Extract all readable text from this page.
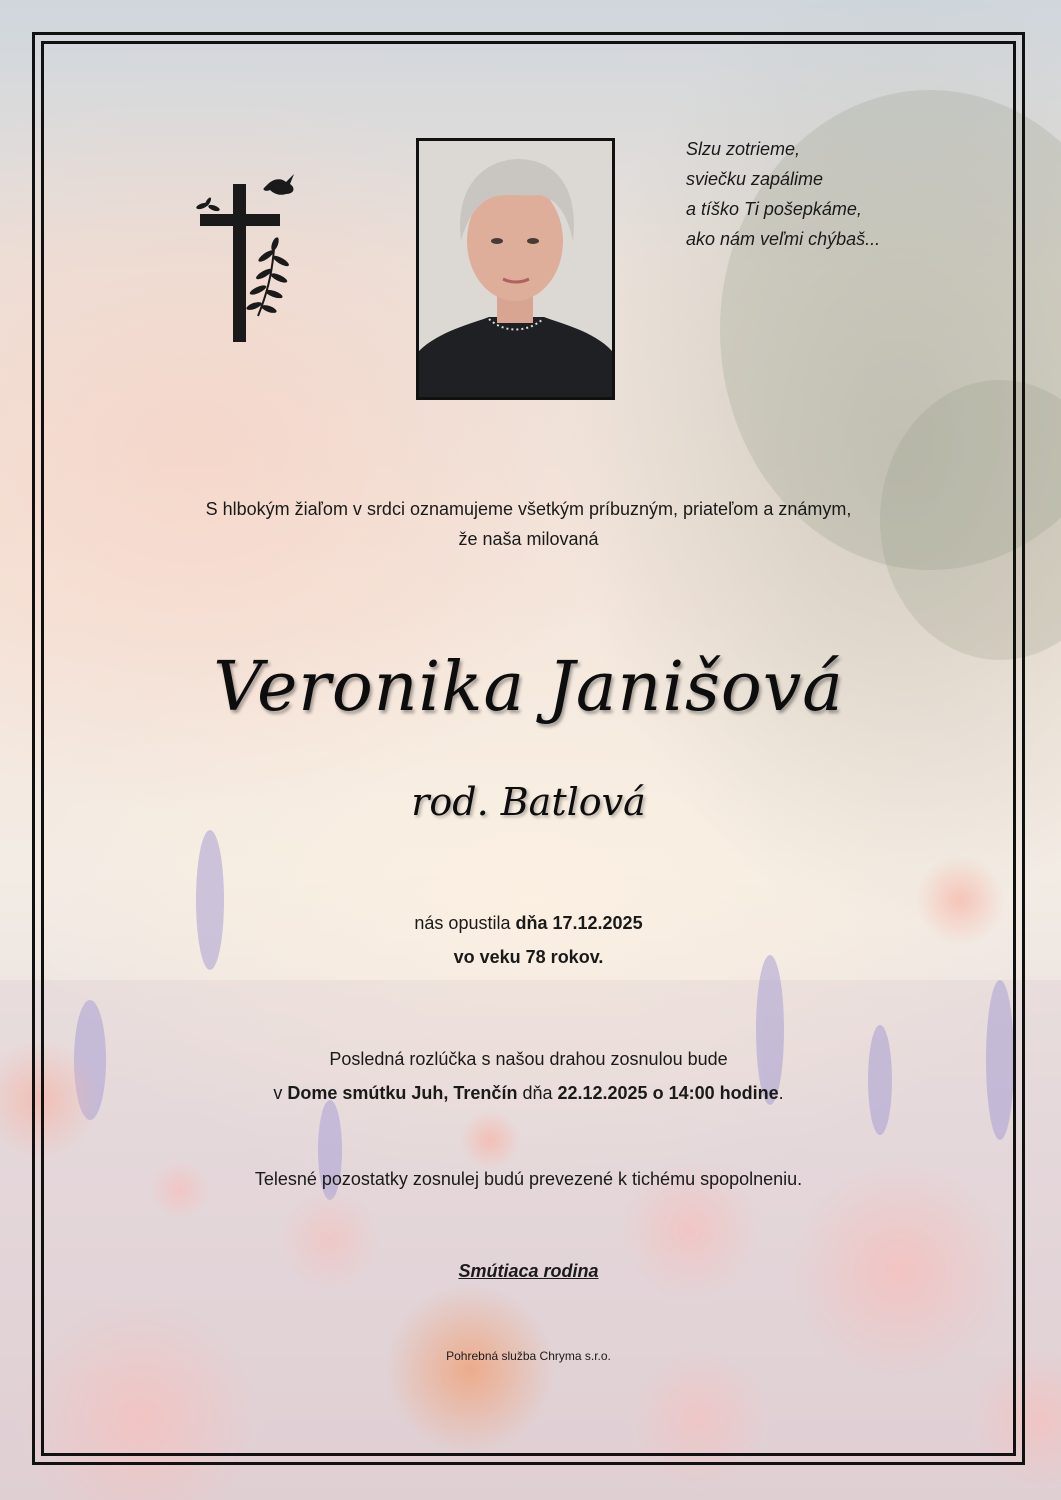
Slzu zotrieme,
sviečku zapálime
a tíško Ti pošepkáme,
ako nám veľmi chýbaš...
S hlbokým žiaľom v srdci oznamujeme všetkým príbuzným, priateľom a známym,
že naša milovaná
Veronika Janišová
rod. Batlová
nás opustila dňa 17.12.2025
vo veku 78 rokov.
Posledná rozlúčka s našou drahou zosnulou bude
v Dome smútku Juh, Trenčín dňa 22.12.2025 o 14:00 hodine.
Telesné pozostatky zosnulej budú prevezené k tichému spopolneniu.
Smútiaca rodina
Pohrebná služba Chryma s.r.o.
